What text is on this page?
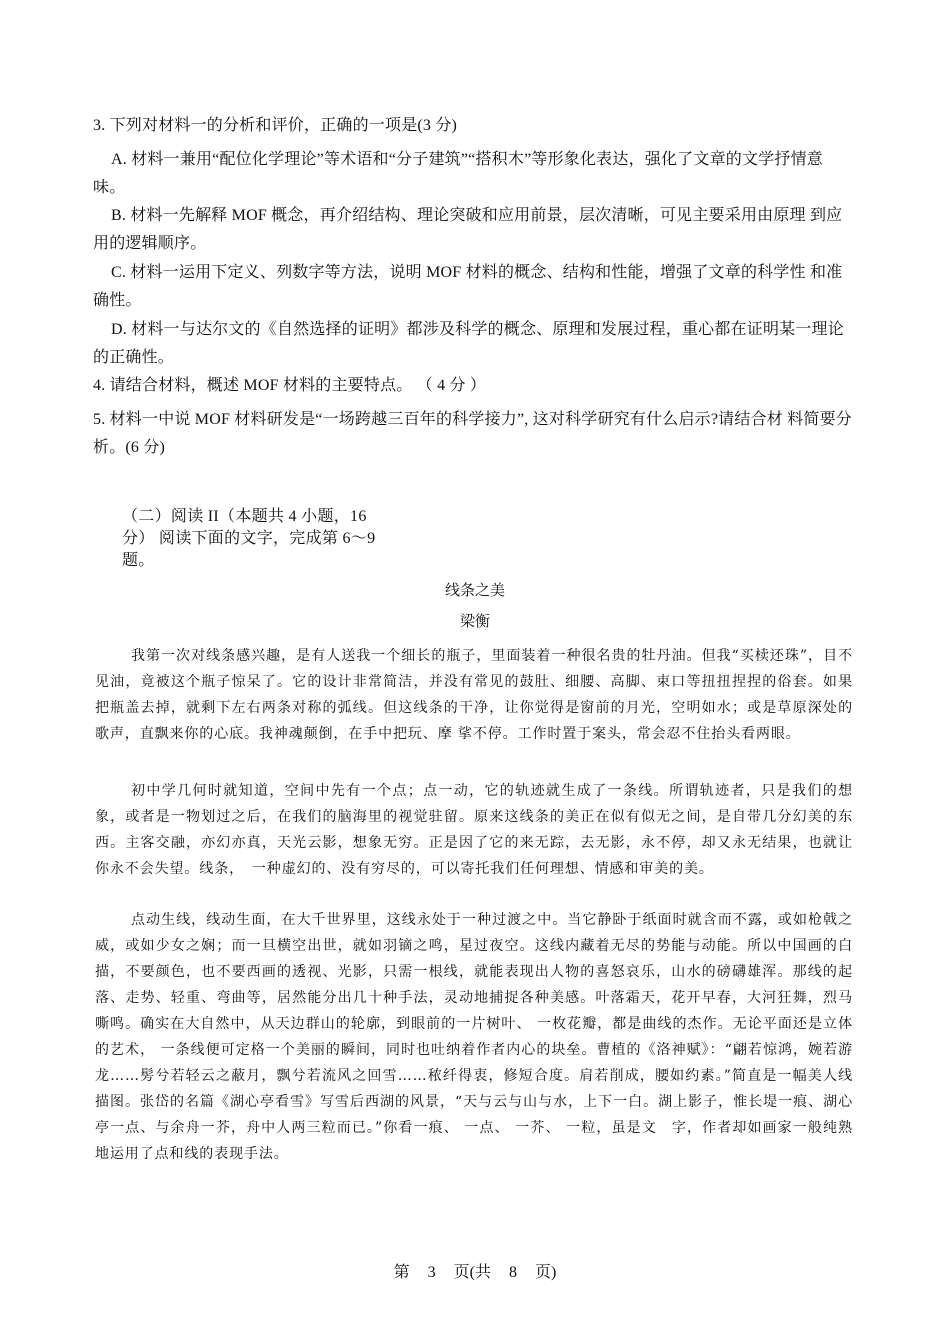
3. 下列对材料一的分析和评价，正确的一项是(3 分)
A. 材料一兼用“配位化学理论”等术语和“分子建筑”“搭积木”等形象化表达，强化了文章的文学抒情意味。
B. 材料一先解释 MOF 概念，再介绍结构、理论突破和应用前景，层次清晰，可见主要采用由原理 到应用的逻辑顺序。
C. 材料一运用下定义、列数字等方法，说明 MOF 材料的概念、结构和性能，增强了文章的科学性 和准确性。
D. 材料一与达尔文的《自然选择的证明》都涉及科学的概念、原理和发展过程，重心都在证明某一理论的正确性。
4. 请结合材料，概述 MOF 材料的主要特点。 （ 4 分 ）
5. 材料一中说 MOF 材料研发是“一场跨越三百年的科学接力”, 这对科学研究有什么启示?请结合材 料简要分析。(6 分)

（二）阅读 II（本题共 4 小题，16

分） 阅读下面的文字，完成第 6～9

题。

线条之美
梁衡
我第一次对线条感兴趣，是有人送我一个细长的瓶子，里面装着一种很名贵的牡丹油。但我“买椟还珠”，目不见油，竟被这个瓶子惊呆了。它的设计非常简洁，并没有常见的鼓肚、细腰、高脚、束口等扭扭捏捏的俗套。如果把瓶盖去掉，就剩下左右两条对称的弧线。但这线条的干净，让你觉得是窗前的月光，空明如水；或是草原深处的歌声，直飘来你的心底。我神魂颠倒，在手中把玩、摩 挲不停。工作时置于案头，常会忍不住抬头看两眼。
初中学几何时就知道，空间中先有一个点；点一动，它的轨迹就生成了一条线。所谓轨迹者，只是我们的想象，或者是一物划过之后，在我们的脑海里的视觉驻留。原来这线条的美正在似有似无之间，是自带几分幻美的东西。主客交融，亦幻亦真，天光云影，想象无穷。正是因了它的来无踪，去无影，永不停，却又永无结果，也就让你永不会失望。线条，　一种虚幻的、没有穷尽的，可以寄托我们任何理想、情感和审美的美。
点动生线，线动生面，在大千世界里，这线永处于一种过渡之中。当它静卧于纸面时就含而不露，或如枪戟之威，或如少女之娴；而一旦横空出世，就如羽镝之鸣，星过夜空。这线内藏着无尽的势能与动能。所以中国画的白描，不要颜色，也不要西画的透视、光影，只需一根线，就能表现出人物的喜怒哀乐，山水的磅礴雄浑。那线的起落、走势、轻重、弯曲等，居然能分出几十种手法，灵动地捕捉各种美感。叶落霜天，花开早春，大河狂舞，烈马嘶鸣。确实在大自然中，从天边群山的轮廓，到眼前的一片树叶、 一枚花瓣，都是曲线的杰作。无论平面还是立体的艺术， 一条线便可定格一个美丽的瞬间，同时也吐纳着作者内心的块垒。曹植的《洛神赋》：“翩若惊鸿，婉若游龙……髣兮若轻云之蔽月，飘兮若流风之回雪……秾纤得衷，修短合度。肩若削成，腰如约素。”简直是一幅美人线描图。张岱的名篇《湖心亭看雪》写雪后西湖的风景，“天与云与山与水，上下一白。湖上影子，惟长堤一痕、湖心亭一点、与余舟一芥，舟中人两三粒而已。”你看一痕、 一点、 一芥、 一粒，虽是文　字，作者却如画家一般纯熟地运用了点和线的表现手法。
第 3 页(共 8 页)
